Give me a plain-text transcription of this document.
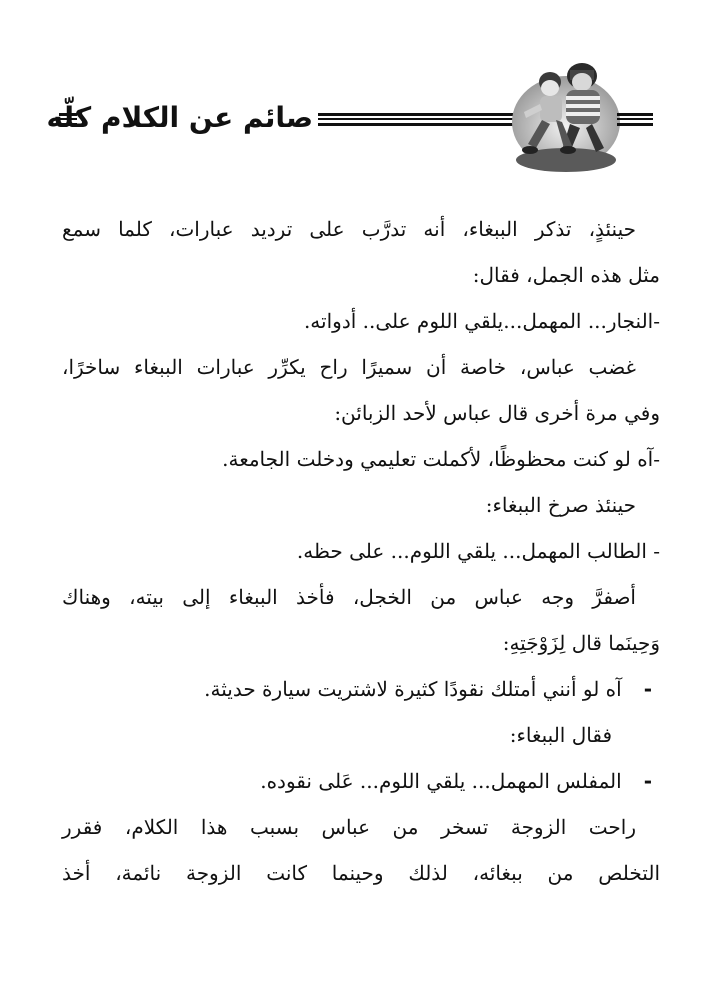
صائم عن الكلام كلّه

حينئذٍ، تذكر الببغاء، أنه تدرَّب على ترديد عبارات، كلما سمع

مثل هذه الجمل، فقال:

-النجار... المهمل...يلقي اللوم على.. أدواته.

غضب عباس، خاصة أن سميرًا راح يكرِّر عبارات الببغاء ساخرًا،

وفي مرة أخرى قال عباس لأحد الزبائن:

-آه لو كنت محظوظًا، لأكملت تعليمي ودخلت الجامعة.

حينئذ صرخ الببغاء:

- الطالب المهمل... يلقي اللوم... على حظه.

أصفرَّ وجه عباس من الخجل، فأخذ الببغاء إلى بيته، وهناك

وَحِينَما قال لِزَوْجَتِهِ:

-
آه لو أنني أمتلك نقودًا كثيرة لاشتريت سيارة حديثة.

فقال الببغاء:

-
المفلس المهمل... يلقي اللوم... عَلى نقوده.

راحت الزوجة تسخر من عباس بسبب هذا الكلام، فقرر

التخلص من ببغائه، لذلك وحينما كانت الزوجة نائمة، أخذ
